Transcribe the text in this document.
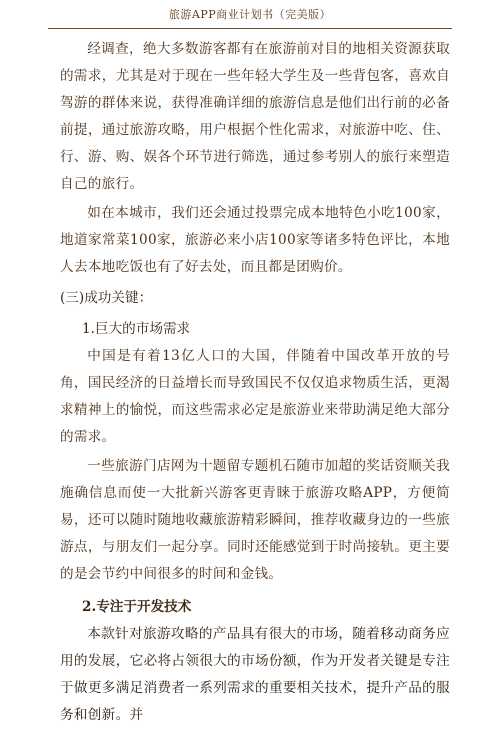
旅游APP商业计划书（完美版）

经调查，绝大多数游客都有在旅游前对目的地相关资源获取的需求，尤其是对于现在一些年轻大学生及一些背包客，喜欢自驾游的群体来说，获得准确详细的旅游信息是他们出行前的必备前提，通过旅游攻略，用户根据个性化需求，对旅游中吃、住、行、游、购、娱各个环节进行筛选，通过参考别人的旅行来塑造自己的旅行。

如在本城市，我们还会通过投票完成本地特色小吃100家，地道家常菜100家，旅游必来小店100家等诸多特色评比，本地人去本地吃饭也有了好去处，而且都是团购价。

(三)成功关键：

1.巨大的市场需求

中国是有着13亿人口的大国，伴随着中国改革开放的号角，国民经济的日益增长而导致国民不仅仅追求物质生活，更渴求精神上的愉悦，而这些需求必定是旅游业来带助满足绝大部分的需求。

一些旅游门店网为十题留专题机石随市加超的奖话资顺关我施确信息而使一大批新兴游客更青睐于旅游攻略APP，方便简易，还可以随时随地收藏旅游精彩瞬间，推荐收藏身边的一些旅游点，与朋友们一起分享。同时还能感觉到于时尚接轨。更主要的是会节约中间很多的时间和金钱。

2.专注于开发技术

本款针对旅游攻略的产品具有很大的市场，随着移动商务应用的发展，它必将占领很大的市场份额，作为开发者关键是专注于做更多满足消费者一系列需求的重要相关技术，提升产品的服务和创新。并
